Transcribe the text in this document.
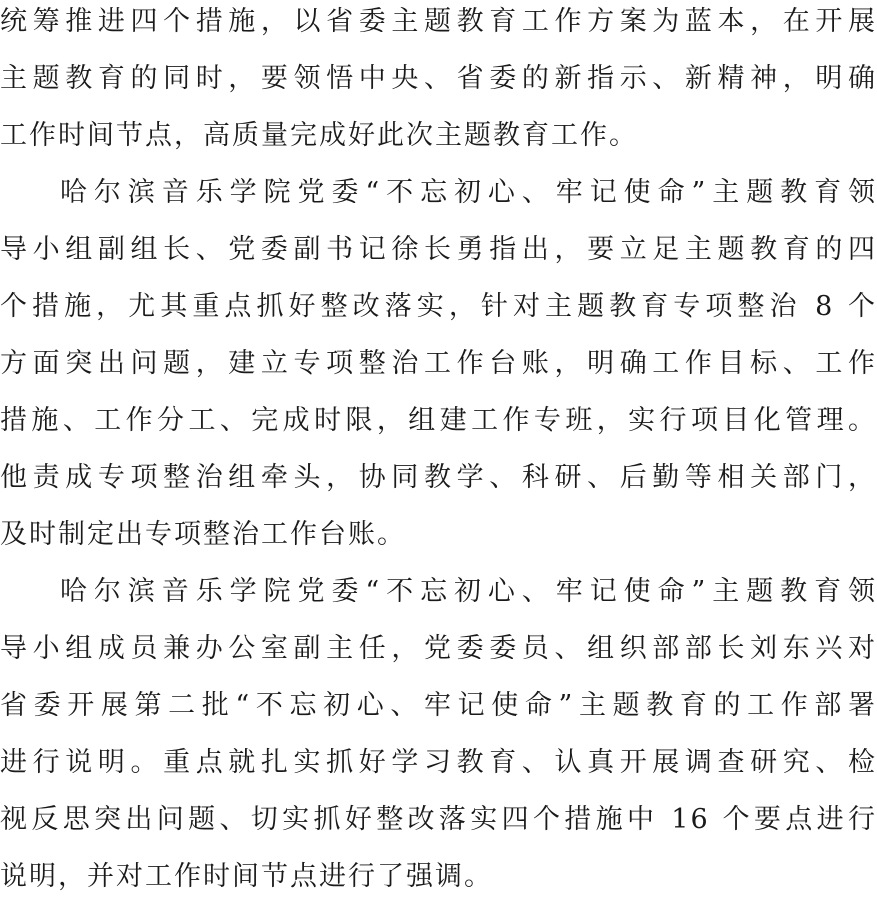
统筹推进四个措施，以省委主题教育工作方案为蓝本，在开展
主题教育的同时，要领悟中央、省委的新指示、新精神，明确
工作时间节点，高质量完成好此次主题教育工作。
哈尔滨音乐学院党委“不忘初心、牢记使命”主题教育领
导小组副组长、党委副书记徐长勇指出，要立足主题教育的四
个措施，尤其重点抓好整改落实，针对主题教育专项整治 8 个
方面突出问题，建立专项整治工作台账，明确工作目标、工作
措施、工作分工、完成时限，组建工作专班，实行项目化管理。
他责成专项整治组牵头，协同教学、科研、后勤等相关部门，
及时制定出专项整治工作台账。
哈尔滨音乐学院党委“不忘初心、牢记使命”主题教育领
导小组成员兼办公室副主任，党委委员、组织部部长刘东兴对
省委开展第二批“不忘初心、牢记使命”主题教育的工作部署
进行说明。重点就扎实抓好学习教育、认真开展调查研究、检
视反思突出问题、切实抓好整改落实四个措施中 16 个要点进行
说明，并对工作时间节点进行了强调。
